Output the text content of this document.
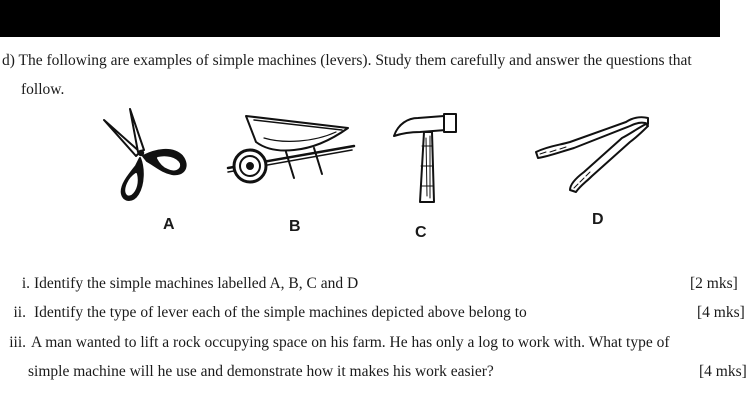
d) The following are examples of simple machines (levers). Study them carefully and answer the questions that
follow.
A	B	C
D
i. Identify the simple machines labelled A, B, C and D	[2 mks]
ii. Identify the type of lever each of the simple machines depicted above belong to	[4 mks]
iii. A man wanted to lift a rock occupying space on his farm. He has only a log to work with. What type of
simple machine will he use and demonstrate how it makes his work easier?	[4 mks]
